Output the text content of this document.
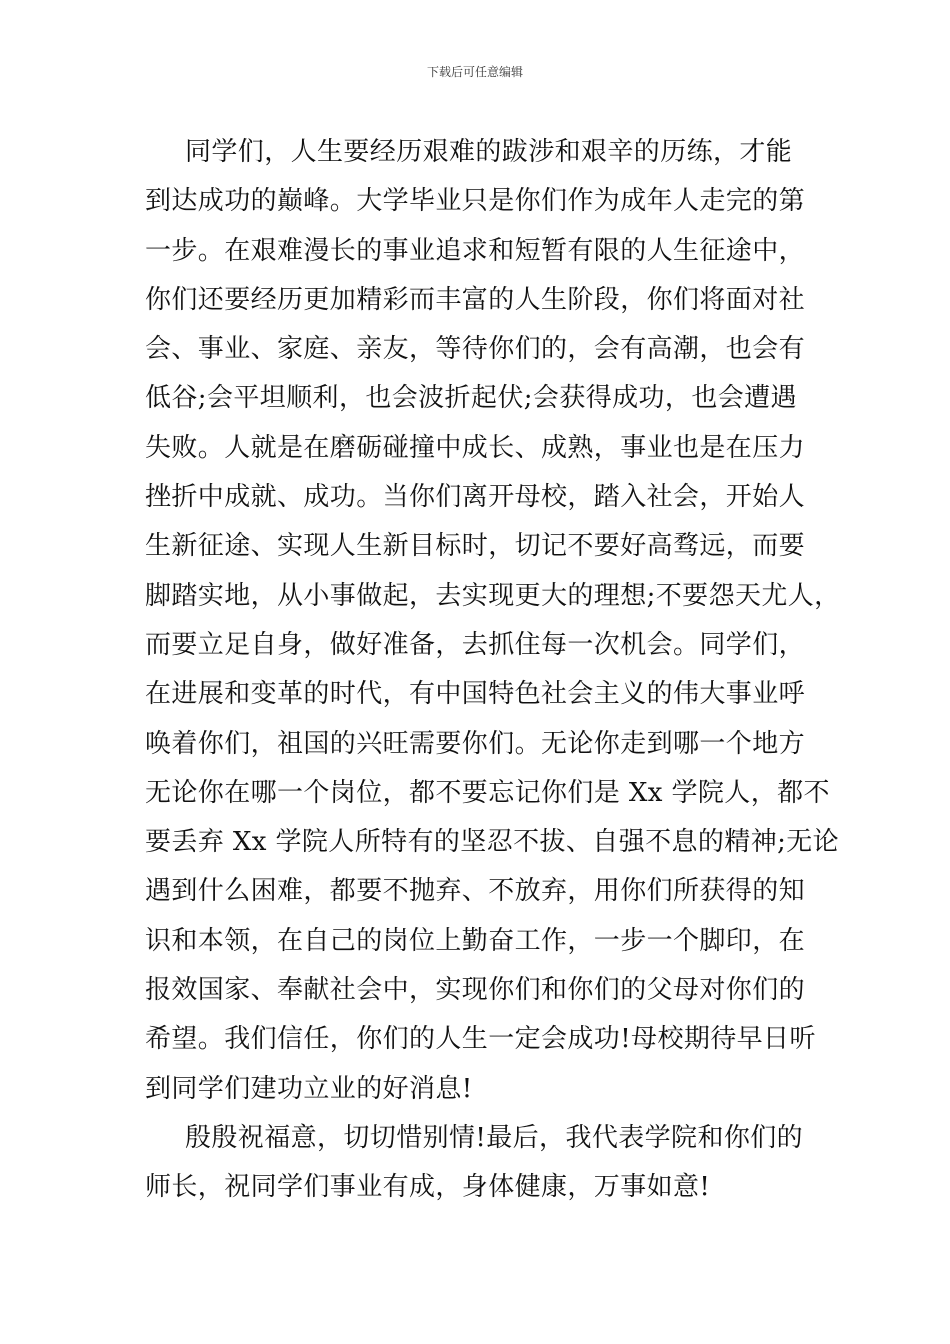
下载后可任意编辑
同学们，人生要经历艰难的跋涉和艰辛的历练，才能
到达成功的巅峰。大学毕业只是你们作为成年人走完的第
一步。在艰难漫长的事业追求和短暂有限的人生征途中，
你们还要经历更加精彩而丰富的人生阶段，你们将面对社
会、事业、家庭、亲友，等待你们的，会有高潮，也会有
低谷;会平坦顺利，也会波折起伏;会获得成功，也会遭遇
失败。人就是在磨砺碰撞中成长、成熟，事业也是在压力
挫折中成就、成功。当你们离开母校，踏入社会，开始人
生新征途、实现人生新目标时，切记不要好高骛远，而要
脚踏实地，从小事做起，去实现更大的理想;不要怨天尤人，
而要立足自身，做好准备，去抓住每一次机会。同学们，
在进展和变革的时代，有中国特色社会主义的伟大事业呼
唤着你们，祖国的兴旺需要你们。无论你走到哪一个地方
无论你在哪一个岗位，都不要忘记你们是 Xx 学院人，都不
要丢弃 Xx 学院人所特有的坚忍不拔、自强不息的精神;无论
遇到什么困难，都要不抛弃、不放弃，用你们所获得的知
识和本领，在自己的岗位上勤奋工作，一步一个脚印，在
报效国家、奉献社会中，实现你们和你们的父母对你们的
希望。我们信任，你们的人生一定会成功!母校期待早日听
到同学们建功立业的好消息!
殷殷祝福意，切切惜别情!最后，我代表学院和你们的
师长，祝同学们事业有成，身体健康，万事如意!
